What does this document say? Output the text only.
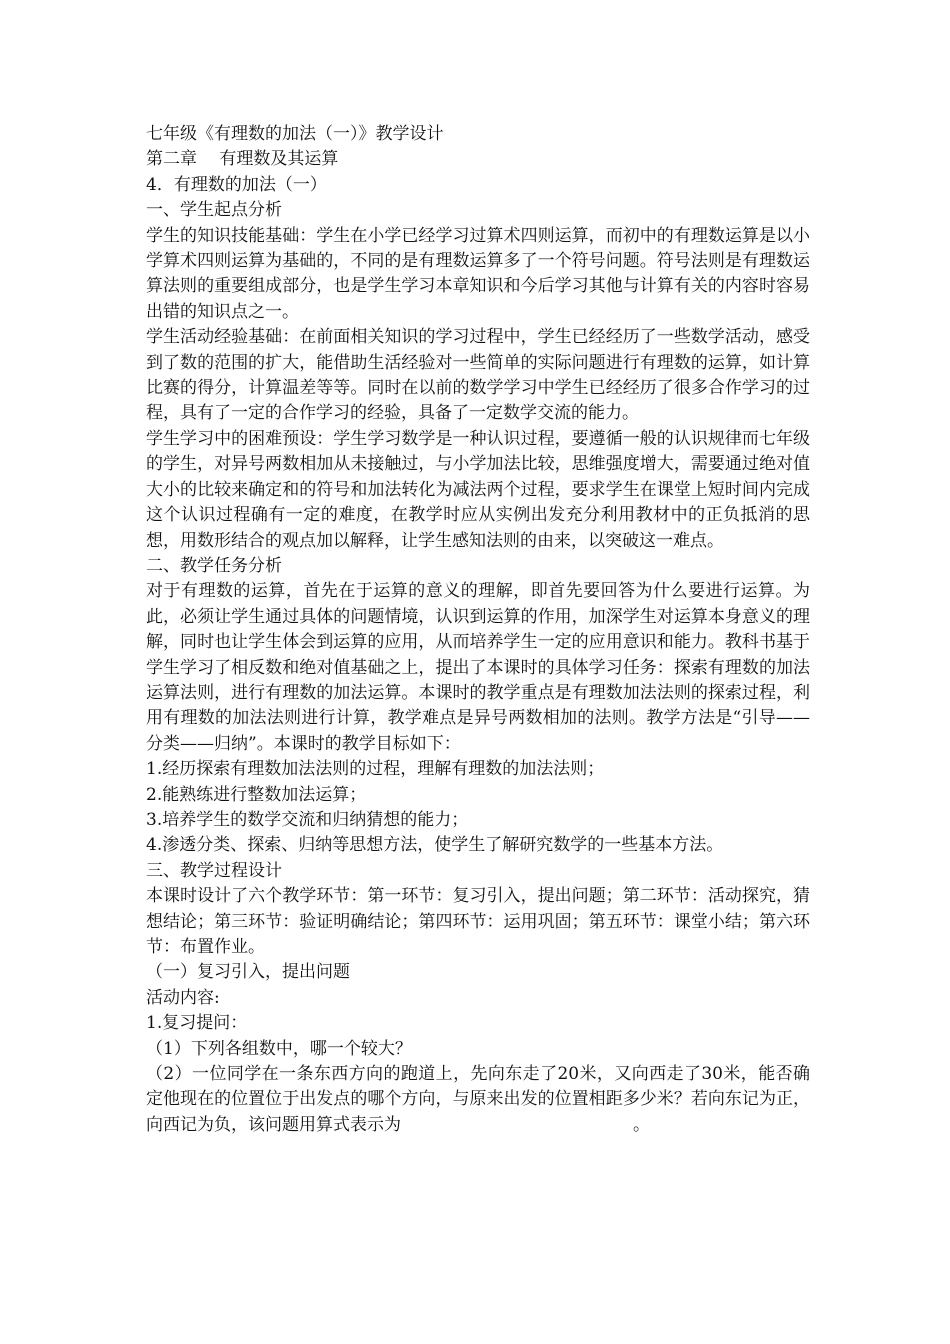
七年级《有理数的加法（一）》教学设计

第二章　 有理数及其运算

4．有理数的加法（一）

一、学生起点分析

学生的知识技能基础：学生在小学已经学习过算术四则运算，而初中的有理数运算是以小学算术四则运算为基础的，不同的是有理数运算多了一个符号问题。符号法则是有理数运算法则的重要组成部分，也是学生学习本章知识和今后学习其他与计算有关的内容时容易出错的知识点之一。

学生活动经验基础：在前面相关知识的学习过程中，学生已经经历了一些数学活动，感受到了数的范围的扩大，能借助生活经验对一些简单的实际问题进行有理数的运算，如计算比赛的得分，计算温差等等。同时在以前的数学学习中学生已经经历了很多合作学习的过程，具有了一定的合作学习的经验，具备了一定数学交流的能力。

学生学习中的困难预设：学生学习数学是一种认识过程，要遵循一般的认识规律而七年级的学生，对异号两数相加从未接触过，与小学加法比较，思维强度增大，需要通过绝对值大小的比较来确定和的符号和加法转化为减法两个过程，要求学生在课堂上短时间内完成这个认识过程确有一定的难度，在教学时应从实例出发充分利用教材中的正负抵消的思想，用数形结合的观点加以解释，让学生感知法则的由来，以突破这一难点。

二、教学任务分析

对于有理数的运算，首先在于运算的意义的理解，即首先要回答为什么要进行运算。为此，必须让学生通过具体的问题情境，认识到运算的作用，加深学生对运算本身意义的理解，同时也让学生体会到运算的应用，从而培养学生一定的应用意识和能力。教科书基于学生学习了相反数和绝对值基础之上，提出了本课时的具体学习任务：探索有理数的加法运算法则，进行有理数的加法运算。本课时的教学重点是有理数加法法则的探索过程，利用有理数的加法法则进行计算，教学难点是异号两数相加的法则。教学方法是“引导——分类——归纳”。本课时的教学目标如下：

1.经历探索有理数加法法则的过程，理解有理数的加法法则；

2.能熟练进行整数加法运算；

3.培养学生的数学交流和归纳猜想的能力；

4.渗透分类、探索、归纳等思想方法，使学生了解研究数学的一些基本方法。

三、教学过程设计

本课时设计了六个教学环节：第一环节：复习引入，提出问题；第二环节：活动探究，猜想结论；第三环节：验证明确结论；第四环节：运用巩固；第五环节：课堂小结；第六环节：布置作业。

（一）复习引入，提出问题

活动内容:

1.复习提问：

（1）下列各组数中，哪一个较大？

（2）一位同学在一条东西方向的跑道上，先向东走了20米，又向西走了30米，能否确定他现在的位置位于出发点的哪个方向，与原来出发的位置相距多少米？若向东记为正，向西记为负，该问题用算式表示为	。
